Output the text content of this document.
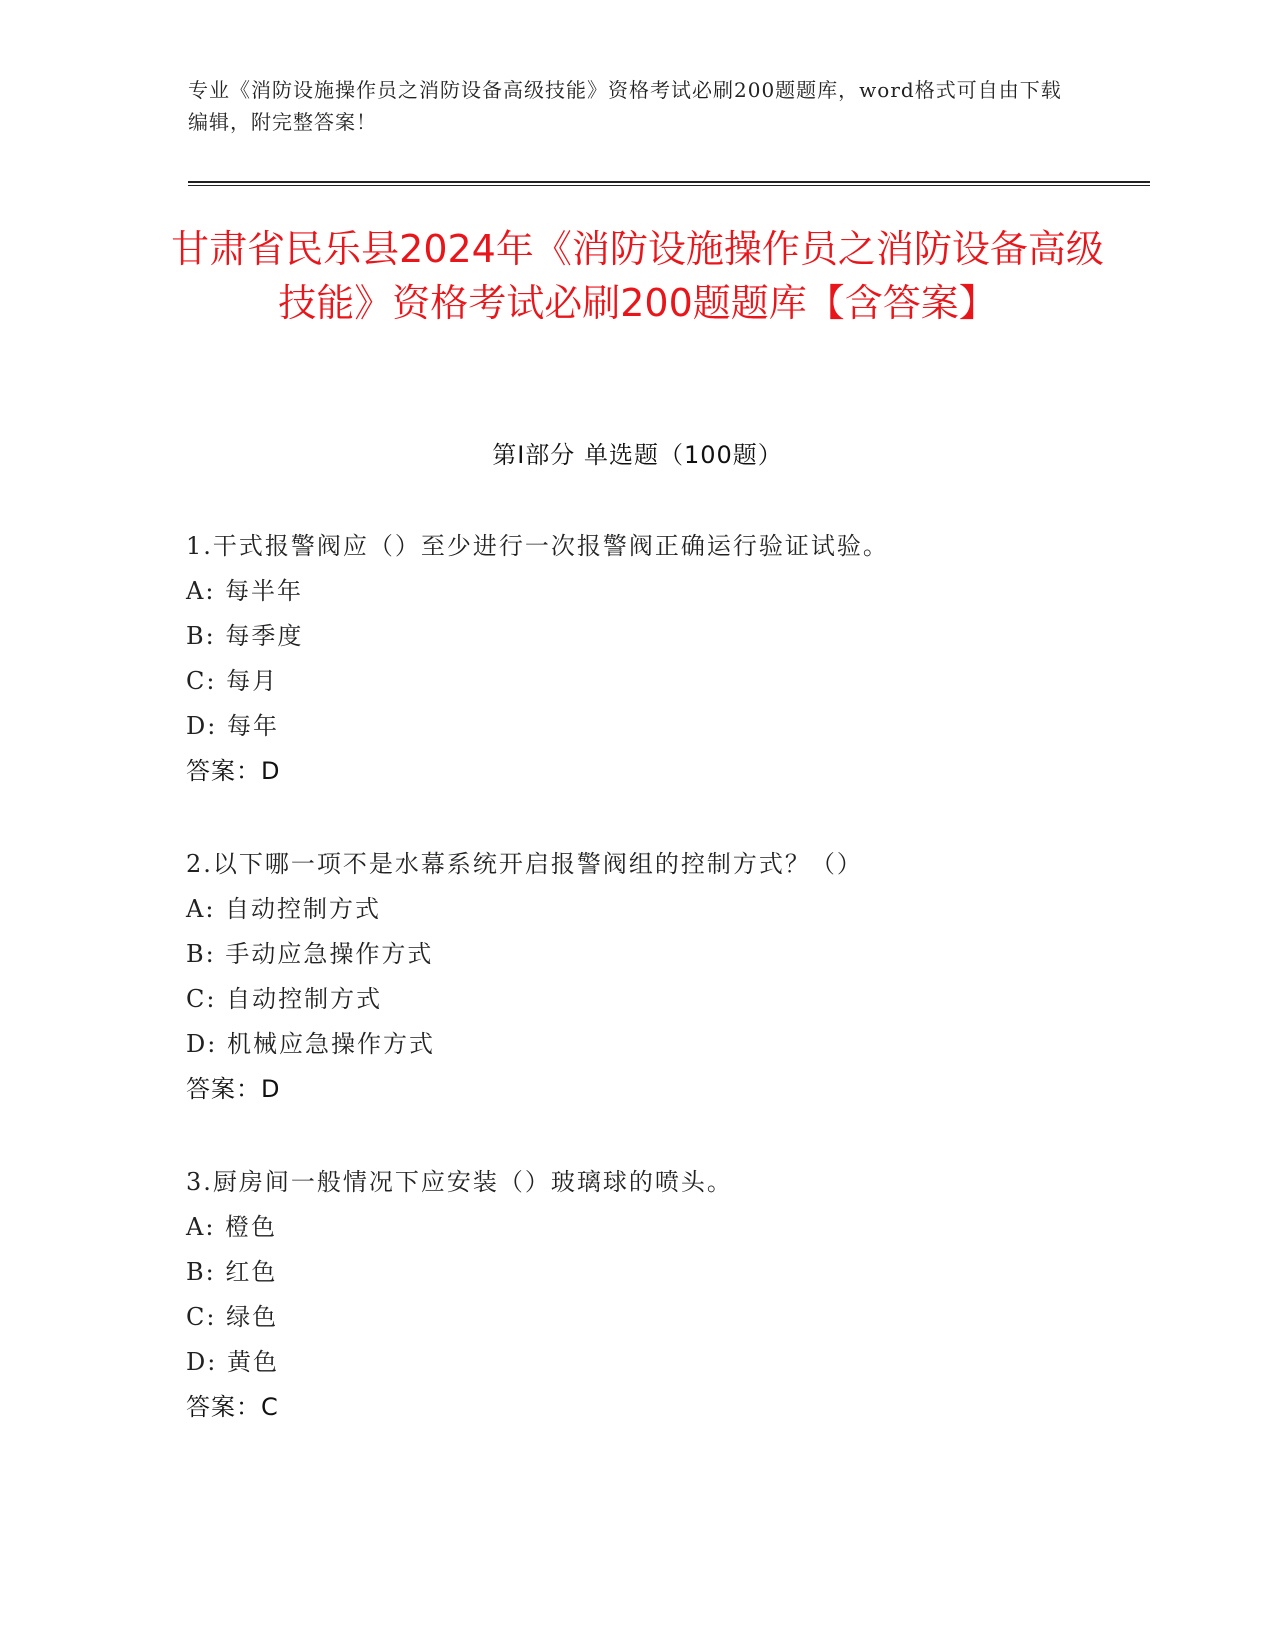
专业《消防设施操作员之消防设备高级技能》资格考试必刷200题题库，word格式可自由下载编辑，附完整答案！
甘肃省民乐县2024年《消防设施操作员之消防设备高级技能》资格考试必刷200题题库【含答案】
第Ⅰ部分 单选题（100题）
1.干式报警阀应（）至少进行一次报警阀正确运行验证试验。
A: 每半年
B: 每季度
C: 每月
D: 每年
答案：D
2.以下哪一项不是水幕系统开启报警阀组的控制方式？（）
A: 自动控制方式
B: 手动应急操作方式
C: 自动控制方式
D: 机械应急操作方式
答案：D
3.厨房间一般情况下应安装（）玻璃球的喷头。
A: 橙色
B: 红色
C: 绿色
D: 黄色
答案：C
